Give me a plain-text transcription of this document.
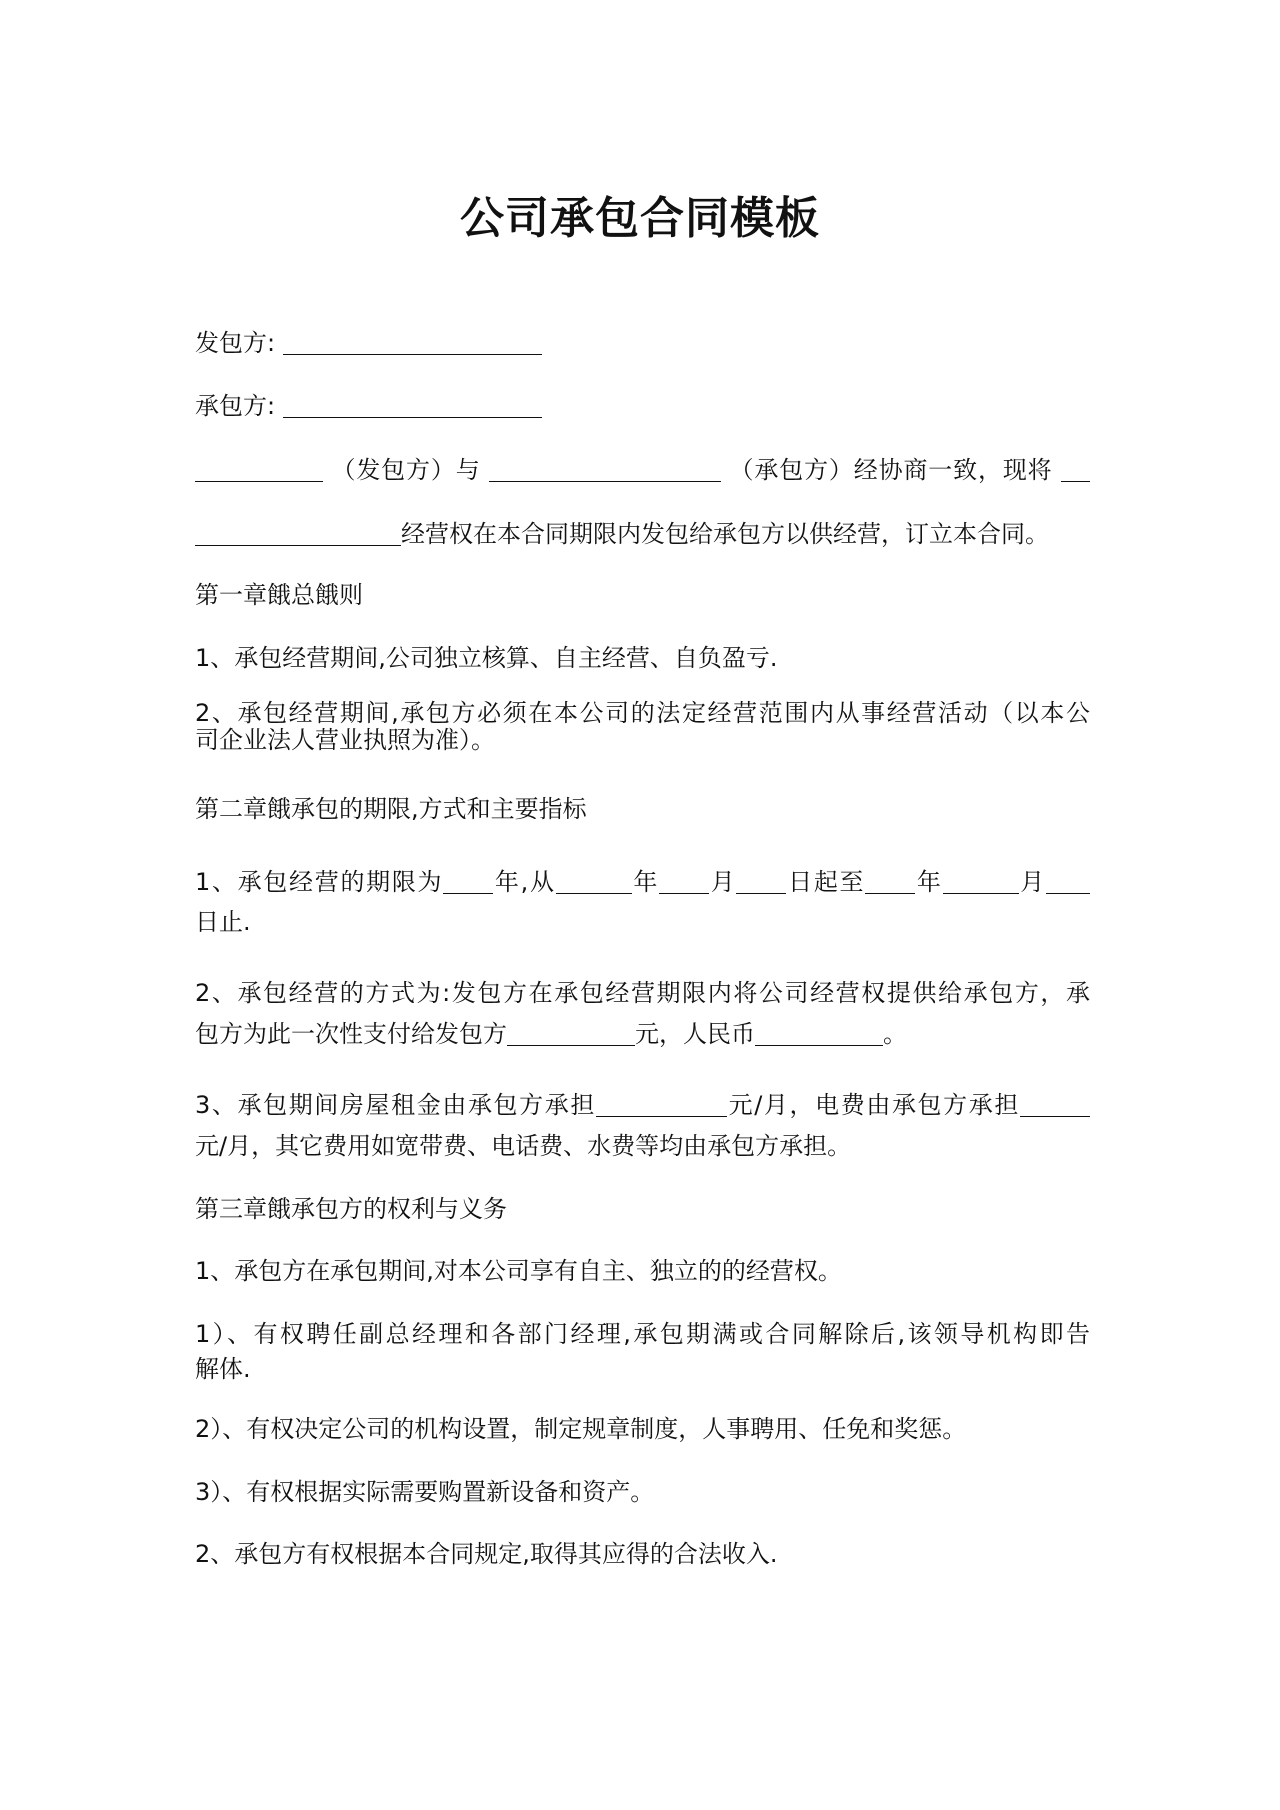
公司承包合同模板
发包方:
承包方:
（发包方）与	（承包方）经协商一致，现将
经营权在本合同期限内发包给承包方以供经营，订立本合同。
第一章餓总餓则
1、承包经营期间,公司独立核算、自主经营、自负盈亏.
2、承包经营期间,承包方必须在本公司的法定经营范围内从事经营活动（以本公
司企业法人营业执照为准）。
第二章餓承包的期限,方式和主要指标
1、承包经营的期限为 年,从	年 月 日起至 年	月
日止.
2、承包经营的方式为:发包方在承包经营期限内将公司经营权提供给承包方，承
包方为此一次性支付给发包方	元，人民币	。
3、承包期间房屋租金由承包方承担	元/月，电费由承包方承担
元/月，其它费用如宽带费、电话费、水费等均由承包方承担。
第三章餓承包方的权利与义务
1、承包方在承包期间,对本公司享有自主、独立的的经营权。
1）、有权聘任副总经理和各部门经理,承包期满或合同解除后,该领导机构即告
解体.
2）、有权决定公司的机构设置，制定规章制度，人事聘用、任免和奖惩。
3）、有权根据实际需要购置新设备和资产。
2、承包方有权根据本合同规定,取得其应得的合法收入.
